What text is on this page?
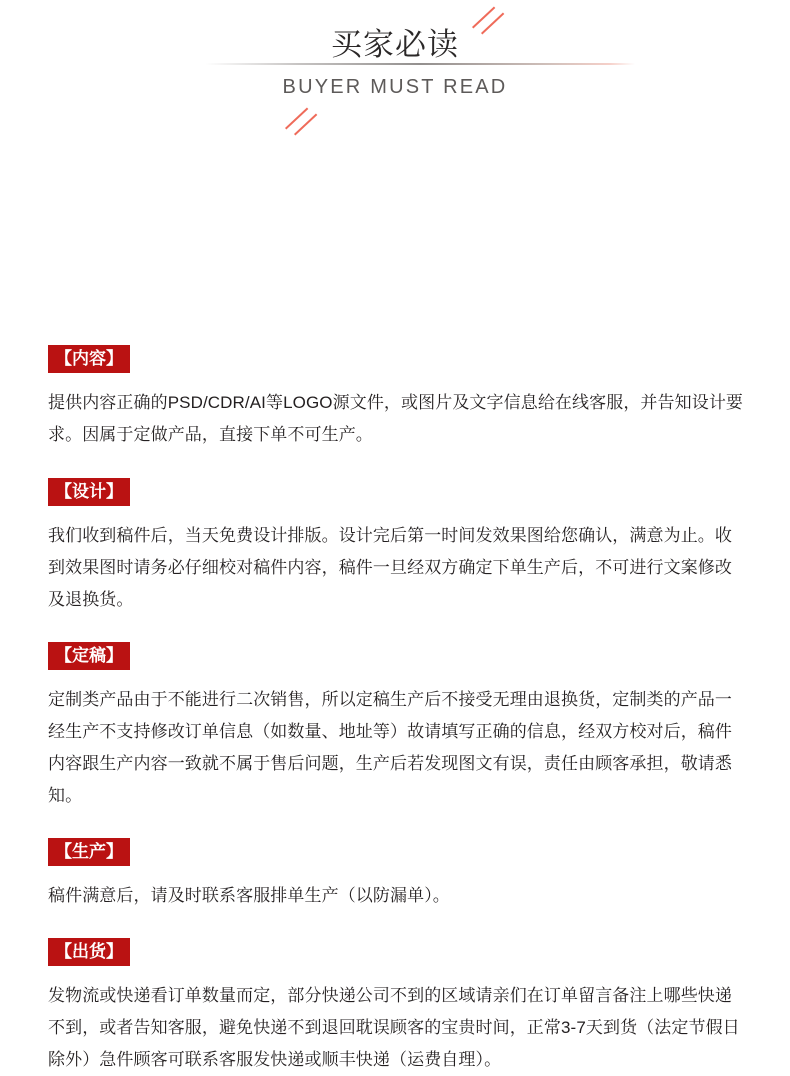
买家必读
BUYER MUST READ
【内容】

提供内容正确的PSD/CDR/AI等LOGO源文件，或图片及文字信息给在线客服，并告知设计要求。因属于定做产品，直接下单不可生产。

【设计】

我们收到稿件后，当天免费设计排版。设计完后第一时间发效果图给您确认，满意为止。收到效果图时请务必仔细校对稿件内容，稿件一旦经双方确定下单生产后，不可进行文案修改及退换货。

【定稿】

定制类产品由于不能进行二次销售，所以定稿生产后不接受无理由退换货，定制类的产品一经生产不支持修改订单信息（如数量、地址等）故请填写正确的信息，经双方校对后，稿件内容跟生产内容一致就不属于售后问题，生产后若发现图文有误，责任由顾客承担，敬请悉知。

【生产】

稿件满意后，请及时联系客服排单生产（以防漏单）。

【出货】

发物流或快递看订单数量而定，部分快递公司不到的区域请亲们在订单留言备注上哪些快递不到，或者告知客服，避免快递不到退回耽误顾客的宝贵时间，正常3-7天到货（法定节假日除外）急件顾客可联系客服发快递或顺丰快递（运费自理）。
